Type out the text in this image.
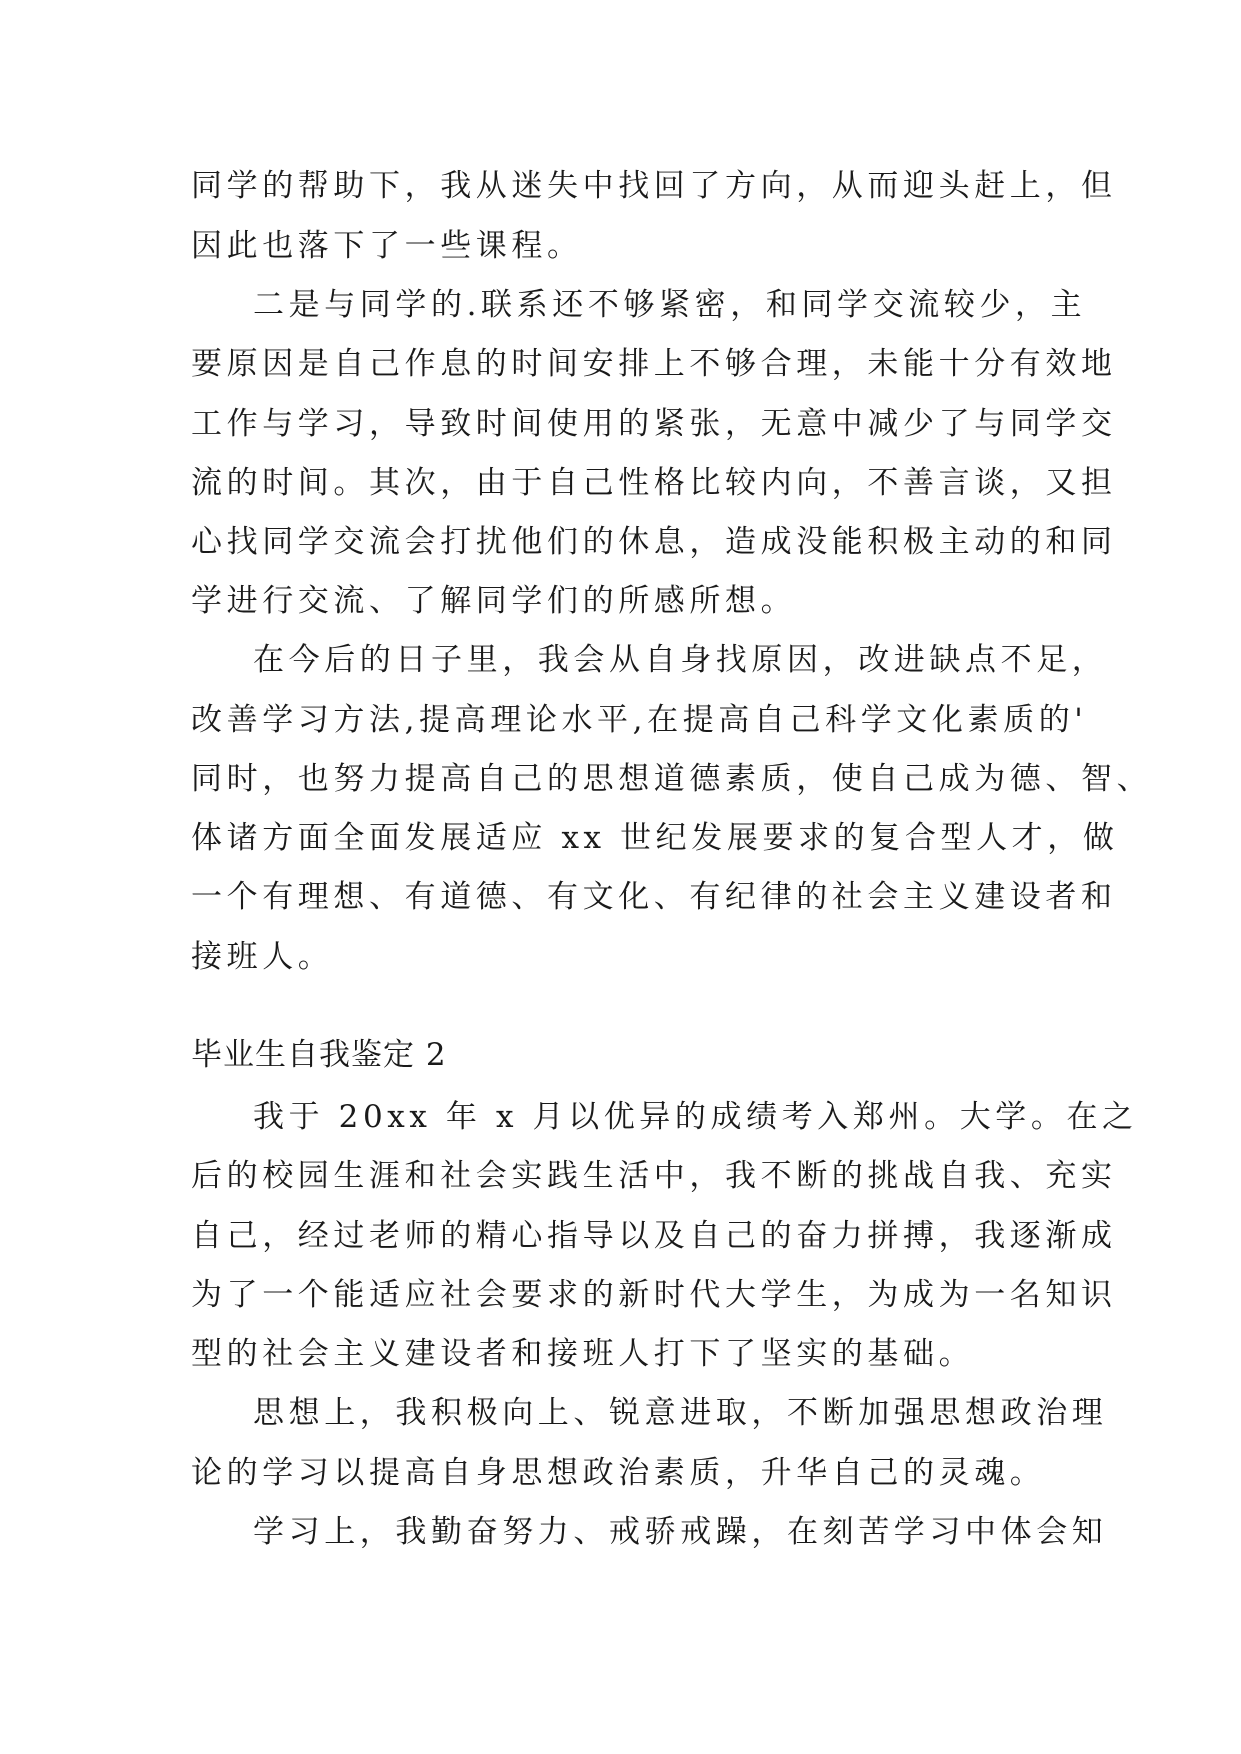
同学的帮助下，我从迷失中找回了方向，从而迎头赶上，但
因此也落下了一些课程。
二是与同学的.联系还不够紧密，和同学交流较少，主
要原因是自己作息的时间安排上不够合理，未能十分有效地
工作与学习，导致时间使用的紧张，无意中减少了与同学交
流的时间。其次，由于自己性格比较内向，不善言谈，又担
心找同学交流会打扰他们的休息，造成没能积极主动的和同
学进行交流、了解同学们的所感所想。
在今后的日子里，我会从自身找原因，改进缺点不足，
改善学习方法,提高理论水平,在提高自己科学文化素质的'
同时，也努力提高自己的思想道德素质，使自己成为德、智、
体诸方面全面发展适应 xx 世纪发展要求的复合型人才，做
一个有理想、有道德、有文化、有纪律的社会主义建设者和
接班人。
毕业生自我鉴定 2
我于 20xx 年 x 月以优异的成绩考入郑州。大学。在之
后的校园生涯和社会实践生活中，我不断的挑战自我、充实
自己，经过老师的精心指导以及自己的奋力拼搏，我逐渐成
为了一个能适应社会要求的新时代大学生，为成为一名知识
型的社会主义建设者和接班人打下了坚实的基础。
思想上，我积极向上、锐意进取，不断加强思想政治理
论的学习以提高自身思想政治素质，升华自己的灵魂。
学习上，我勤奋努力、戒骄戒躁，在刻苦学习中体会知
